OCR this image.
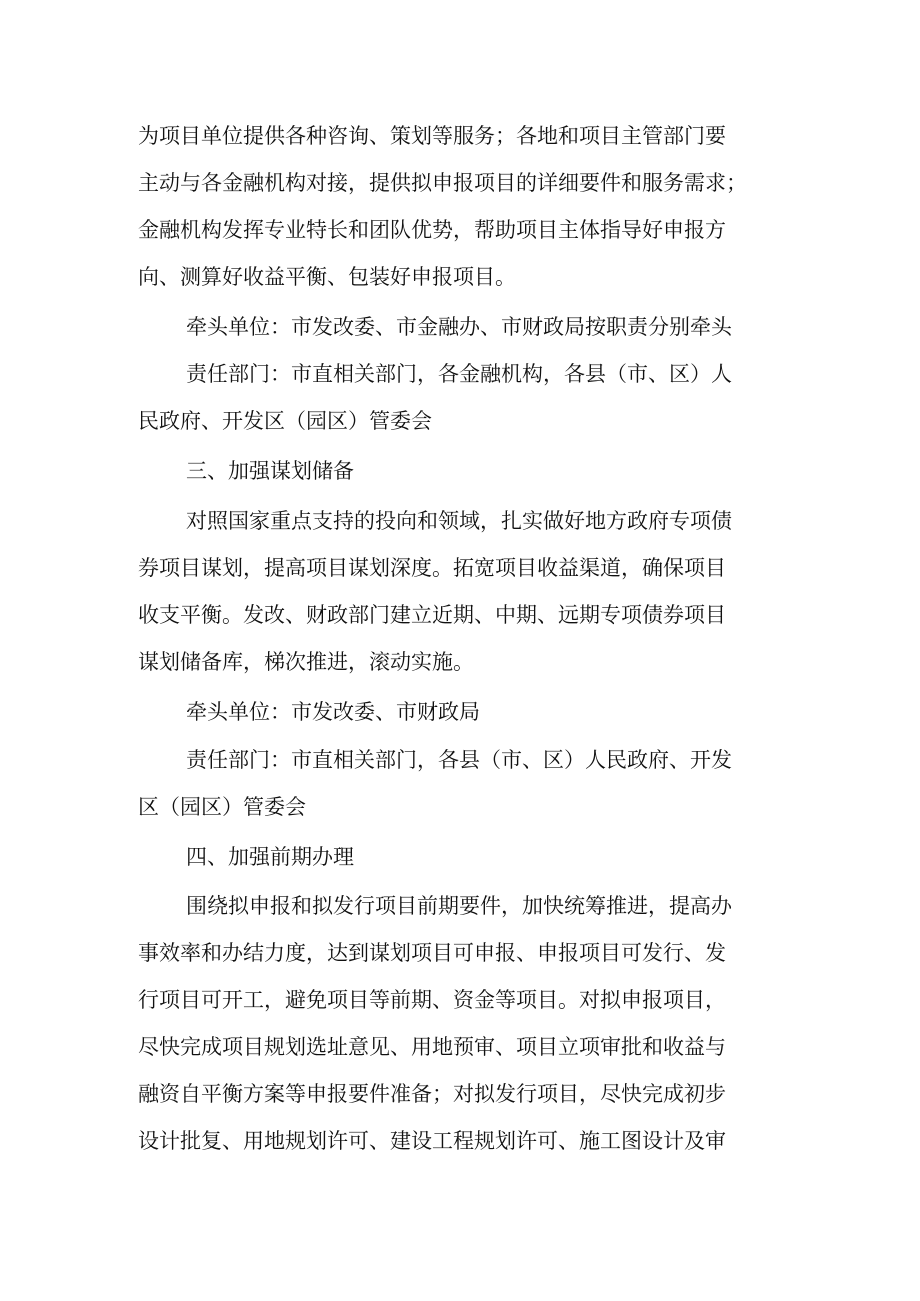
为项目单位提供各种咨询、策划等服务；各地和项目主管部门要
主动与各金融机构对接，提供拟申报项目的详细要件和服务需求；
金融机构发挥专业特长和团队优势，帮助项目主体指导好申报方
向、测算好收益平衡、包装好申报项目。
牵头单位：市发改委、市金融办、市财政局按职责分别牵头
责任部门：市直相关部门，各金融机构，各县（市、区）人
民政府、开发区（园区）管委会
三、加强谋划储备
对照国家重点支持的投向和领域，扎实做好地方政府专项债
券项目谋划，提高项目谋划深度。拓宽项目收益渠道，确保项目
收支平衡。发改、财政部门建立近期、中期、远期专项债券项目
谋划储备库，梯次推进，滚动实施。
牵头单位：市发改委、市财政局
责任部门：市直相关部门，各县（市、区）人民政府、开发
区（园区）管委会
四、加强前期办理
围绕拟申报和拟发行项目前期要件，加快统筹推进，提高办
事效率和办结力度，达到谋划项目可申报、申报项目可发行、发
行项目可开工，避免项目等前期、资金等项目。对拟申报项目，
尽快完成项目规划选址意见、用地预审、项目立项审批和收益与
融资自平衡方案等申报要件准备；对拟发行项目，尽快完成初步
设计批复、用地规划许可、建设工程规划许可、施工图设计及审
